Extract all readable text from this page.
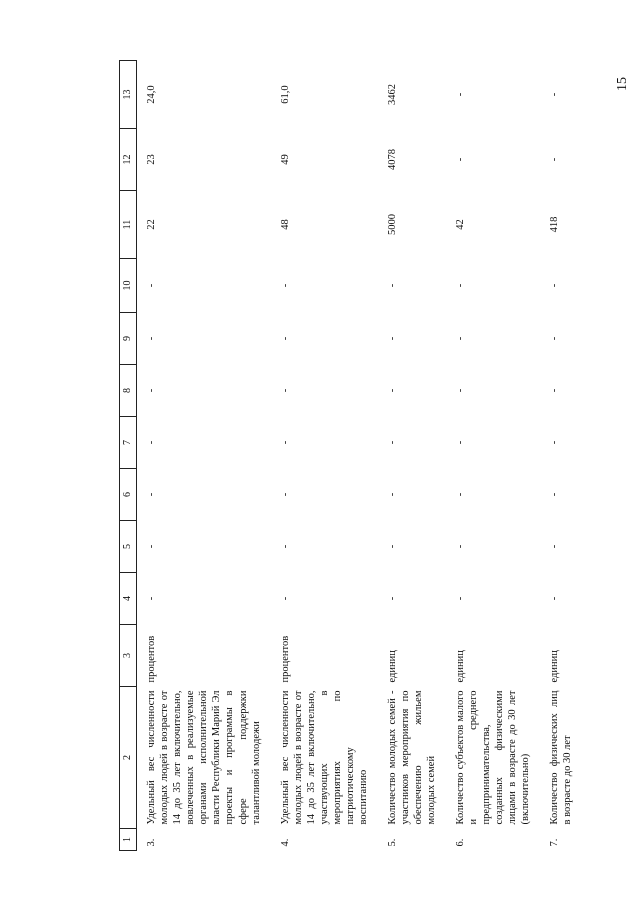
15
1	2	3	4	5	6	7	8	9	10	11	12	13
3.	Удельный вес численности молодых людей в возрасте от 14 до 35 лет включительно, вовлеченных в реализуемые органами исполнительной власти Республики Марий Эл проекты и программы в сфере поддержки талантливой молодежи	процентов	-	-	-	-	-	-	-	22	23	24,0
4.	Удельный вес численности молодых людей в возрасте от 14 до 35 лет включительно, участвующих в мероприятиях по патриотическому воспитанию	процентов	-	-	-	-	-	-	-	48	49	61,0
5.	Количество молодых семей - участников мероприятия по обеспечению жильем молодых семей	единиц	-	-	-	-	-	-	-	5000	4078	3462
6.	Количество субъектов малого и среднего предпринимательства, созданных физическими лицами в возрасте до 30 лет (включительно)	единиц	-	-	-	-	-	-	-	42	-	-
7.	Количество физических лиц в возрасте до 30 лет	единиц	-	-	-	-	-	-	-	418	-	-
